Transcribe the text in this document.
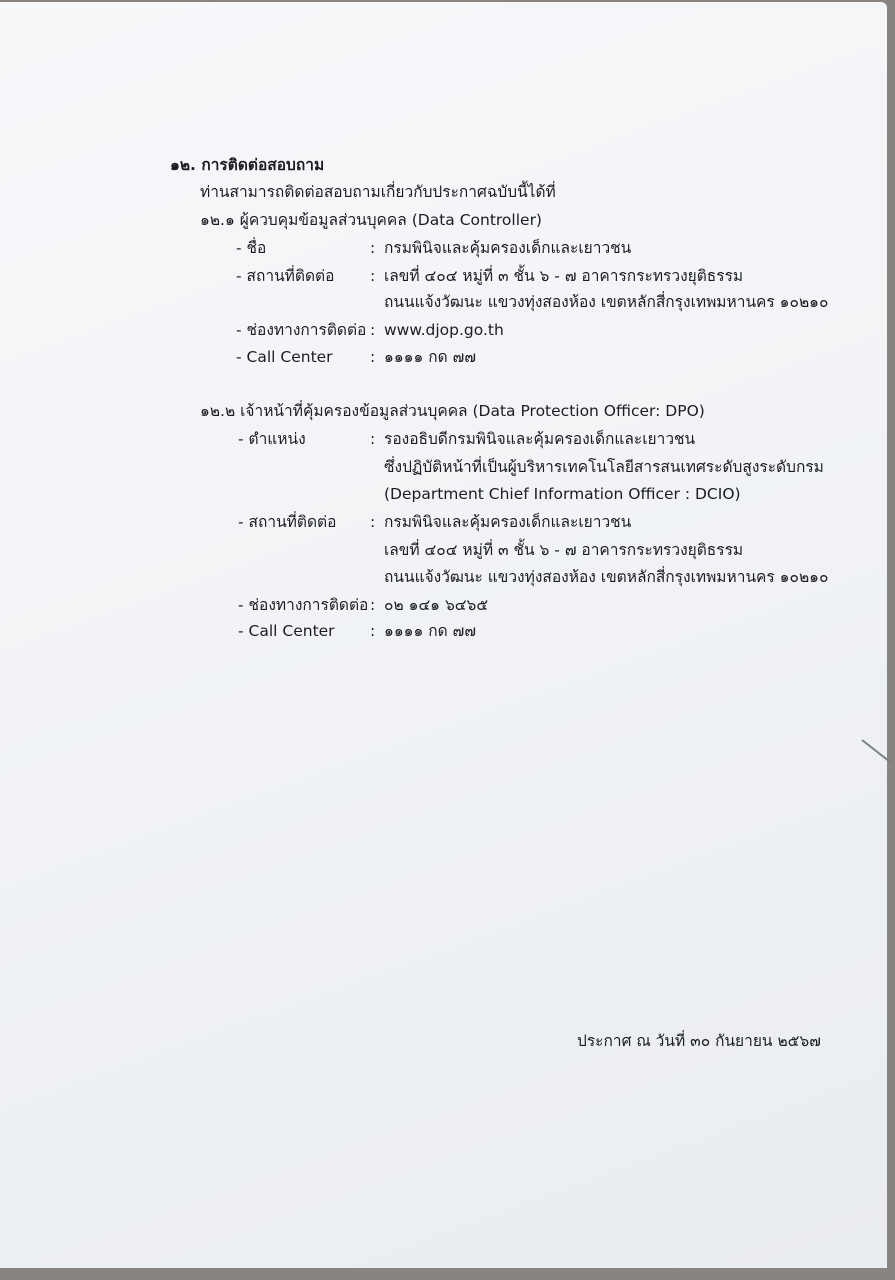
๑๒. การติดต่อสอบถาม
ท่านสามารถติดต่อสอบถามเกี่ยวกับประกาศฉบับนี้ได้ที่
๑๒.๑ ผู้ควบคุมข้อมูลส่วนบุคคล (Data Controller)
- ชื่อ	: กรมพินิจและคุ้มครองเด็กและเยาวชน
- สถานที่ติดต่อ : เลขที่ ๔๐๔ หมู่ที่ ๓ ชั้น ๖ - ๗ อาคารกระทรวงยุติธรรม
ถนนแจ้งวัฒนะ แขวงทุ่งสองห้อง เขตหลักสี่กรุงเทพมหานคร ๑๐๒๑๐
- ช่องทางการติดต่อ : www.djop.go.th
- Call Center : ๑๑๑๑ กด ๗๗
๑๒.๒ เจ้าหน้าที่คุ้มครองข้อมูลส่วนบุคคล (Data Protection Officer: DPO)
- ตำแหน่ง	: รองอธิบดีกรมพินิจและคุ้มครองเด็กและเยาวชน
ซึ่งปฏิบัติหน้าที่เป็นผู้บริหารเทคโนโลยีสารสนเทศระดับสูงระดับกรม
(Department Chief Information Officer : DCIO)
- สถานที่ติดต่อ : กรมพินิจและคุ้มครองเด็กและเยาวชน
เลขที่ ๔๐๔ หมู่ที่ ๓ ชั้น ๖ - ๗ อาคารกระทรวงยุติธรรม
ถนนแจ้งวัฒนะ แขวงทุ่งสองห้อง เขตหลักสี่กรุงเทพมหานคร ๑๐๒๑๐
- ช่องทางการติดต่อ : ๐๒ ๑๔๑ ๖๔๖๕
- Call Center : ๑๑๑๑ กด ๗๗
ประกาศ ณ วันที่ ๓๐ กันยายน ๒๕๖๗
